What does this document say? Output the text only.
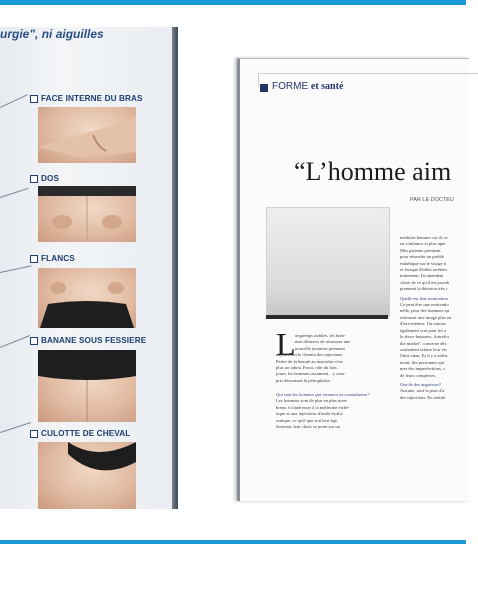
urgie", ni aiguilles
FACE INTERNE DU BRAS
DOS
FLANCS
BANANE SOUS FESSIERE
CULOTTE DE CHEVAL
FORME et santé
“L’homme aim
PAR LE DOCTEU
L ongtemps oubliés, les hom-
mes désireux de retrouver une
nouvelle jeunesse prennent
aujourd'hui le chemin des injections.
Parler de la beauté au masculin n'est
plus un tabou. Front, ride du lion,
joues, les hommes assument... y com-
pris désormais la périoplastie.
Qui sont les hommes qui viennent en consultation?
Les hommes sont de plus en plus nom-
breux à s'intéresser à la médecine esthé-
tique et aux injections d'acide hyalu-
ronique, ce qu'il que soit leur âge.
Souvent, leur choix se porte sur un
médecin homme car ils se
en confiance et plus apte
Mes patients prennent
pour résoudre un problè
esthétique sur le visage n
et lorsque d'idées arrêtées
traitement. Ils attendent
claire de ce qu'il est possib
prennent la décision très r
Quelle est leur motivation
Ce peut être une motivatio
nelle, peur des hommes qu
retrouver une image plus en
d'eux-mêmes. Un renouv
également vrai pour les a
le show-business. Autrefoi
the market" concerne dés
souhaitent refaire leur vis
l'âme sœur. Et il y a enfin,
ment, des personnes qui
mer des imperfections, s
de leurs complexes.
Ont-ils des angoisses?
Aucune, sauf la peur d'a
des injections. En réalité
